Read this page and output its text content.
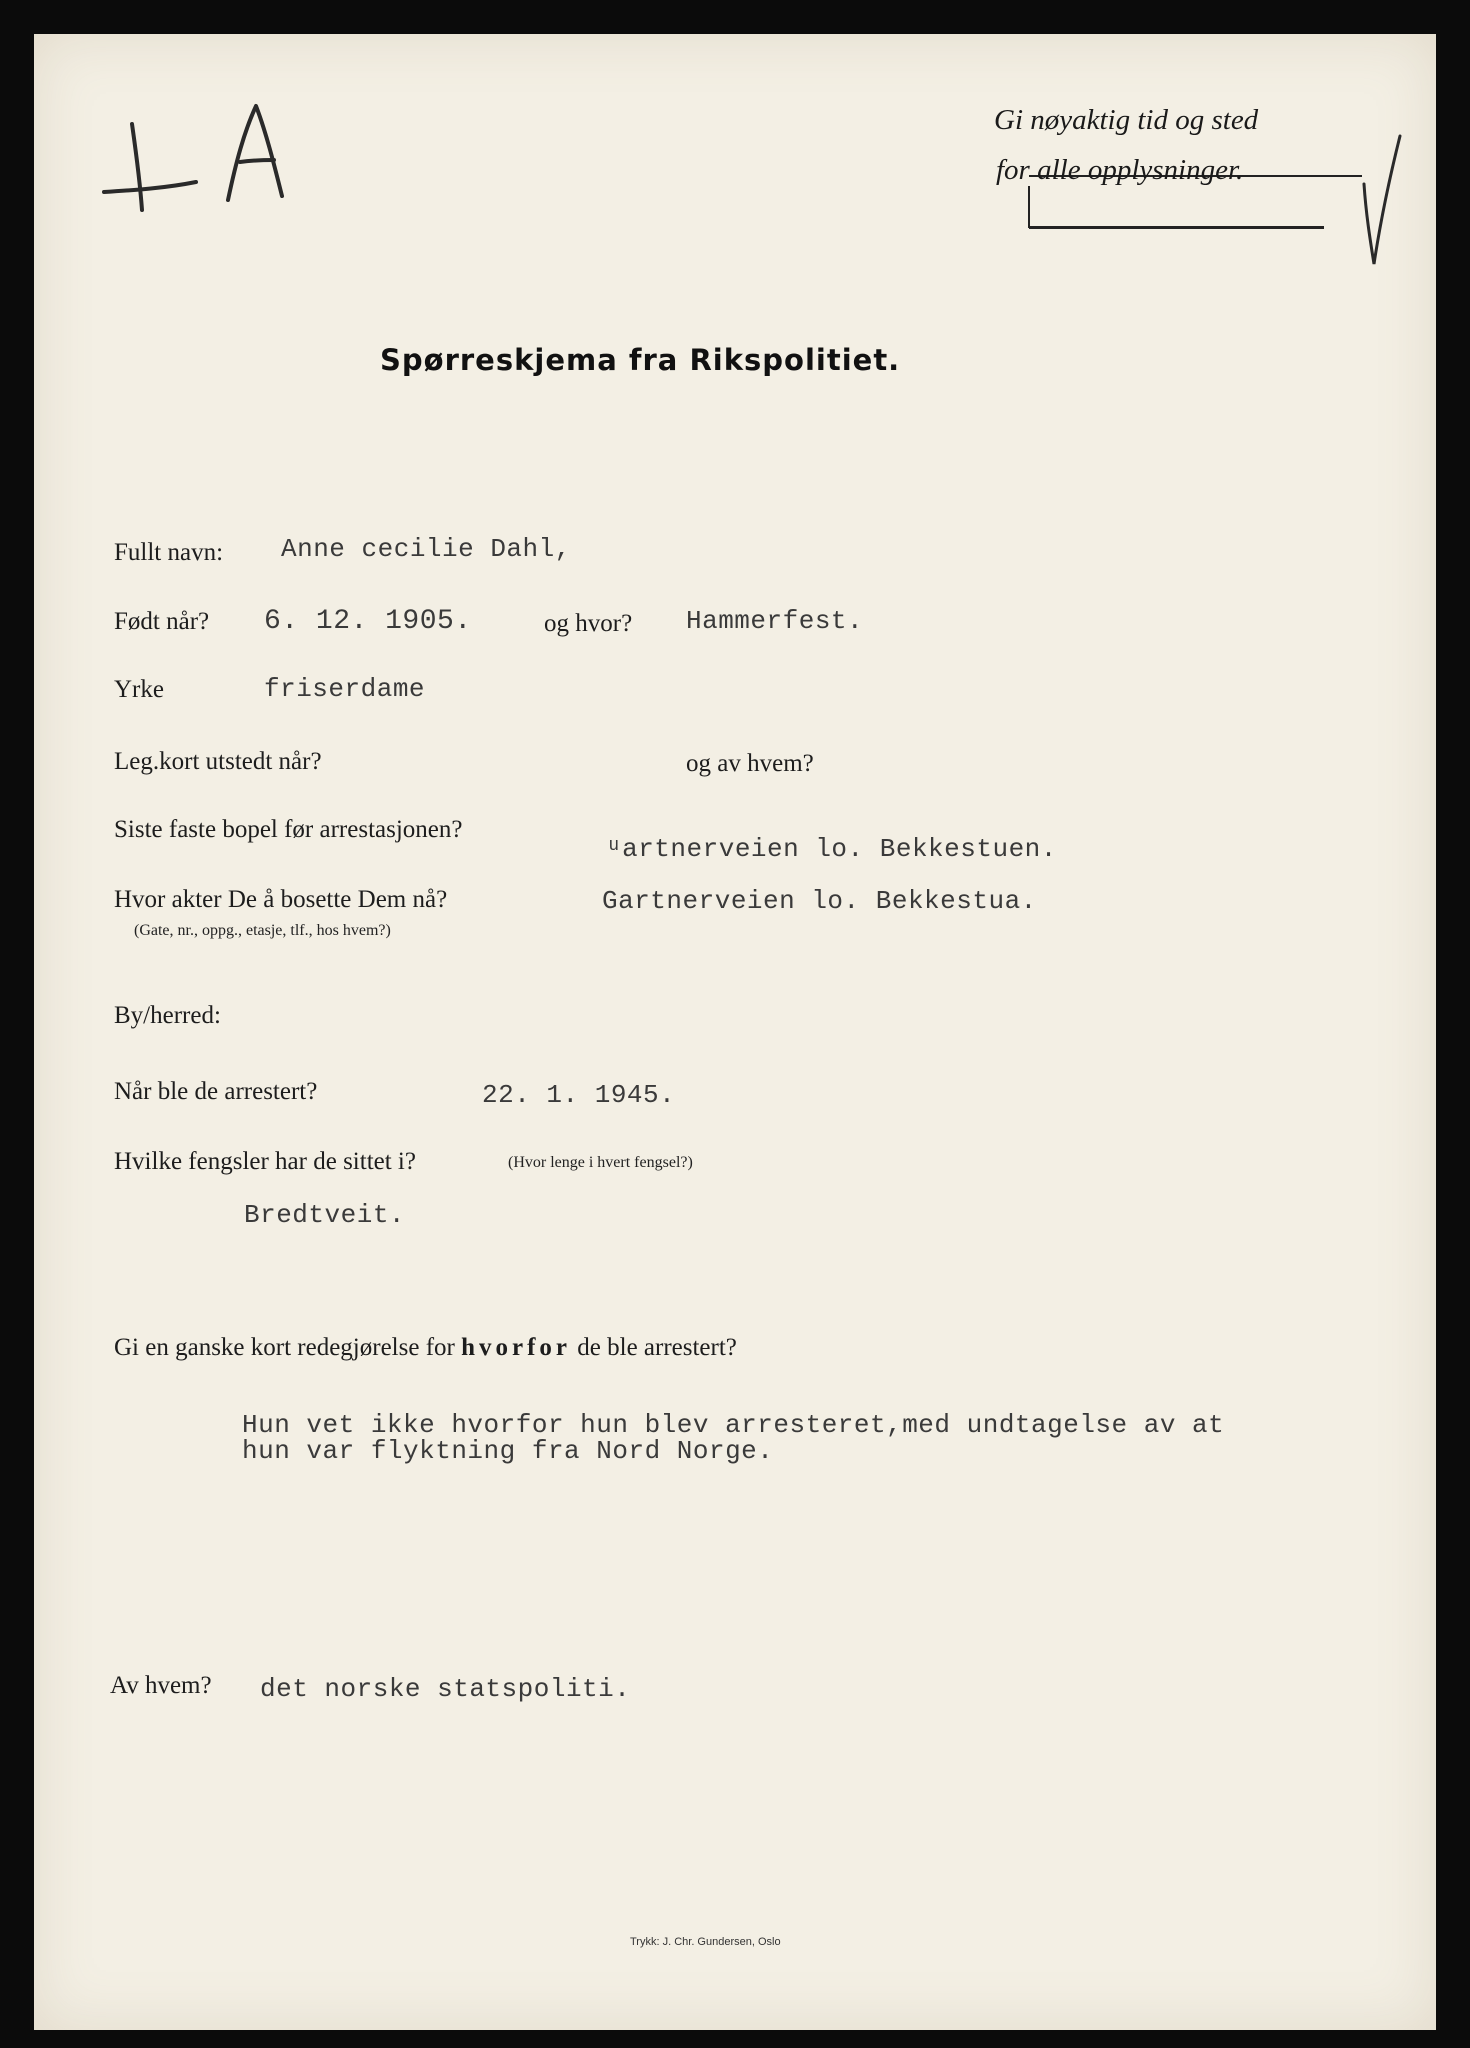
Gi nøyaktig tid og sted
for alle opplysninger.
Spørreskjema fra Rikspolitiet.
Fullt navn: Anne cecilie Dahl,
Født når? 6. 12. 1905.	og hvor? Hammerfest.
Yrke	friserdame
Leg.kort utstedt når?	og av hvem?
Siste faste bopel før arrestasjonen?
ᵘartnerveien lo. Bekkestuen.
Hvor akter De å bosette Dem nå?
(Gate, nr., oppg., etasje, tlf., hos hvem?)
Gartnerveien lo. Bekkestua.
By/herred:
Når ble de arrestert?	22. 1. 1945.
Hvilke fengsler har de sittet i?	(Hvor lenge i hvert fengsel?)
Bredtveit.
Gi en ganske kort redegjørelse for hvorfor de ble arrestert?
Hun vet ikke hvorfor hun blev arresteret,med undtagelse av at
hun var flyktning fra Nord Norge.
Av hvem? det norske statspoliti.
Trykk: J. Chr. Gundersen, Oslo
